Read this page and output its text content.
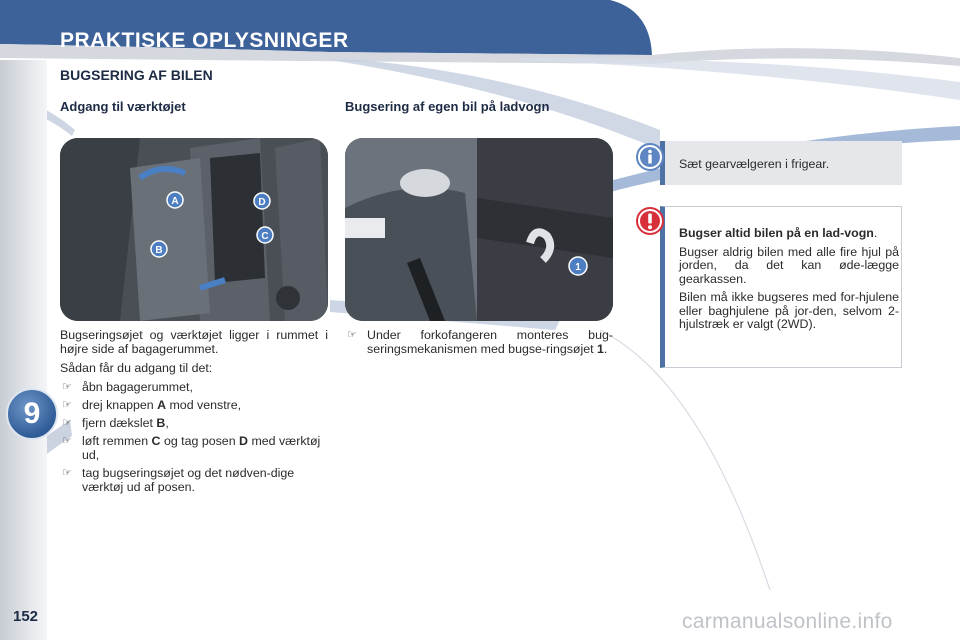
PRAKTISKE OPLYSNINGER
BUGSERING AF BILEN
Adgang til værktøjet	Bugsering af egen bil på ladvogn
A
B
C
D
1

Bugseringsøjet og værktøjet ligger i rummet i højre side af bagagerummet.

Sådan får du adgang til det:

☞ åbn bagagerummet,
☞ drej knappen A mod venstre,
☞ fjern dækslet B,
☞ løft remmen C og tag posen D med værktøj ud,
☞ tag bugseringsøjet og det nødven-dige værktøj ud af posen.
☞ Under forkofangeren monteres bug-seringsmekanismen med bugse-ringsøjet 1.
Sæt gearvælgeren i frigear.

Bugser altid bilen på en lad-vogn.

Bugser aldrig bilen med alle fire hjul på jorden, da det kan øde-lægge gearkassen.

Bilen må ikke bugseres med for-hjulene eller baghjulene på jor-den, selvom 2-hjulstræk er valgt (2WD).

9
152	carmanualsonline.info
